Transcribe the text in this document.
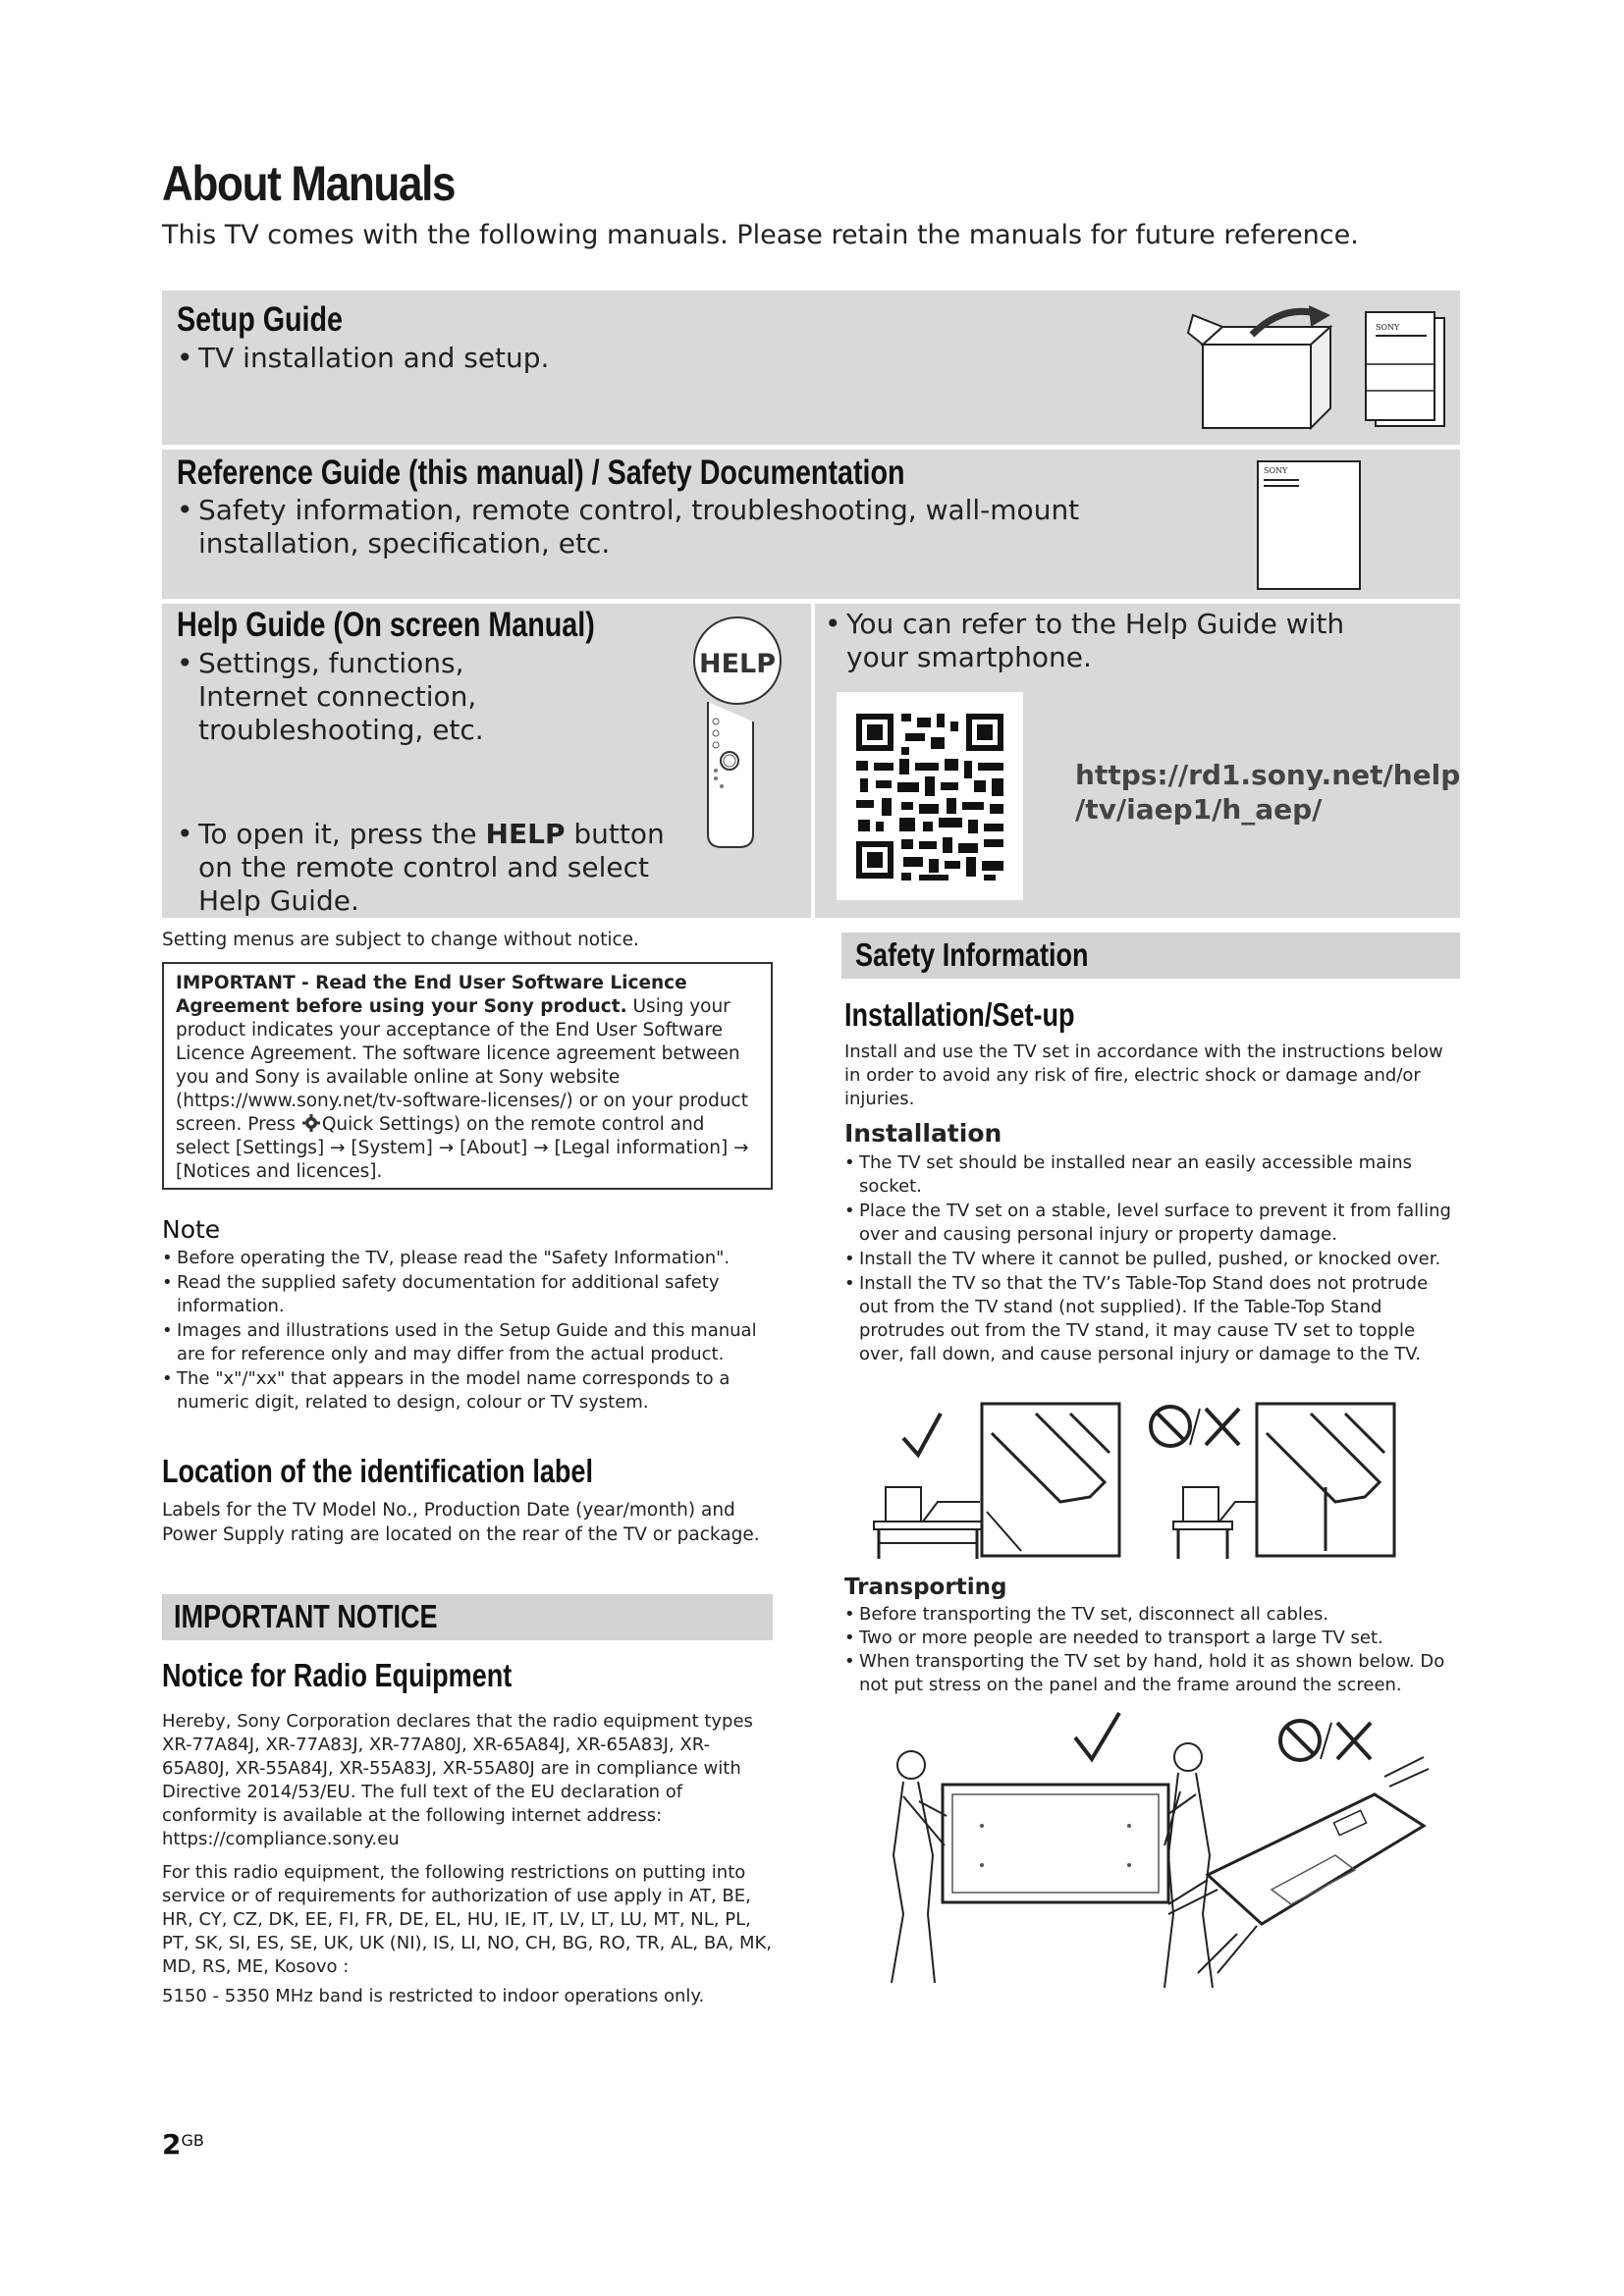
About Manuals
This TV comes with the following manuals. Please retain the manuals for future reference.
Setup Guide
• TV installation and setup.
SONY
Reference Guide (this manual) / Safety Documentation
• Safety information, remote control, troubleshooting, wall-mount installation, specification, etc.
SONY
Help Guide (On screen Manual)
• Settings, functions, Internet connection, troubleshooting, etc.
• To open it, press the HELP button on the remote control and select Help Guide.
HELP
• You can refer to the Help Guide with your smartphone.
https://rd1.sony.net/help
/tv/iaep1/h_aep/
Setting menus are subject to change without notice.
IMPORTANT - Read the End User Software Licence Agreement before using your Sony product. Using your product indicates your acceptance of the End User Software Licence Agreement. The software licence agreement between you and Sony is available online at Sony website (https://www.sony.net/tv-software-licenses/) or on your product screen. Press Quick Settings) on the remote control and select [Settings] → [System] → [About] → [Legal information] → [Notices and licences].
Note
• Before operating the TV, please read the "Safety Information".
• Read the supplied safety documentation for additional safety information.
• Images and illustrations used in the Setup Guide and this manual are for reference only and may differ from the actual product.
• The "x"/"xx" that appears in the model name corresponds to a numeric digit, related to design, colour or TV system.
Location of the identification label
Labels for the TV Model No., Production Date (year/month) and Power Supply rating are located on the rear of the TV or package.
IMPORTANT NOTICE
Notice for Radio Equipment
Hereby, Sony Corporation declares that the radio equipment types XR-77A84J, XR-77A83J, XR-77A80J, XR-65A84J, XR-65A83J, XR-65A80J, XR-55A84J, XR-55A83J, XR-55A80J are in compliance with Directive 2014/53/EU. The full text of the EU declaration of conformity is available at the following internet address: https://compliance.sony.eu
For this radio equipment, the following restrictions on putting into service or of requirements for authorization of use apply in AT, BE, HR, CY, CZ, DK, EE, FI, FR, DE, EL, HU, IE, IT, LV, LT, LU, MT, NL, PL, PT, SK, SI, ES, SE, UK, UK (NI), IS, LI, NO, CH, BG, RO, TR, AL, BA, MK, MD, RS, ME, Kosovo :
5150 - 5350 MHz band is restricted to indoor operations only.
Safety Information
Installation/Set-up
Install and use the TV set in accordance with the instructions below in order to avoid any risk of fire, electric shock or damage and/or injuries.
Installation
• The TV set should be installed near an easily accessible mains socket.
• Place the TV set on a stable, level surface to prevent it from falling over and causing personal injury or property damage.
• Install the TV where it cannot be pulled, pushed, or knocked over.
• Install the TV so that the TV’s Table-Top Stand does not protrude out from the TV stand (not supplied). If the Table-Top Stand protrudes out from the TV stand, it may cause TV set to topple over, fall down, and cause personal injury or damage to the TV.
Transporting
• Before transporting the TV set, disconnect all cables.
• Two or more people are needed to transport a large TV set.
• When transporting the TV set by hand, hold it as shown below. Do not put stress on the panel and the frame around the screen.
$2^{GB}$
